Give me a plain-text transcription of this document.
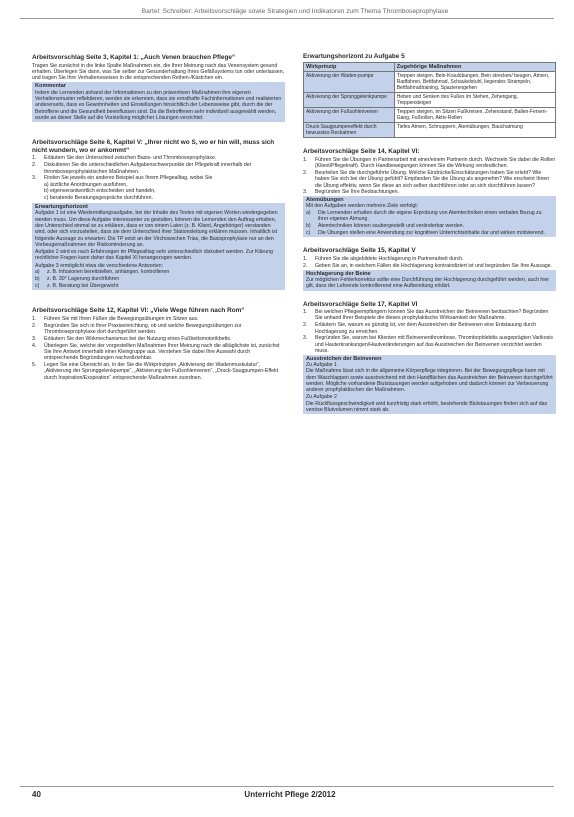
Bartel: Schreiber: Arbeitsvorschläge sowie Strategien und Indikatoren zum Thema Thromboseprophylaxe
Arbeitsvorschlag Seite 3, Kapitel 1: „Auch Venen brauchen Pflege“
Tragen Sie zunächst in die linke Spalte Maßnahmen ein, die Ihrer Meinung nach das Venensystem gesund erhalten. Überlegen Sie dann, was Sie selber zur Gesunderhaltung Ihres Gefäßsystems tun oder unterlassen, und tragen Sie Ihre Verhaltensweisen in die entsprechenden Reihen-/Kästchen ein.
Kommentar
Indem die Lernenden anhand der Informationen zu den präventiven Maßnahmen ihre eigenen Verhaltensmuster reflektieren, werden sie erkennen, dass sie ernsthafte Fachinformationen und realisierten andererseits, dass es Gewohnheiten und Einstellungen hinsichtlich der Lebensweise gibt, durch die der Betroffene und die Gesundheit beeinflussen sind. Da die Betroffenen sehr individuell ausgewählt werden, wurde an dieser Stelle auf die Vorstellung möglicher Lösungen verzichtet.
Arbeitsvorschläge Seite 6, Kapitel V: „Ihrer nicht wo S, wo er hin will, muss sich nicht wundern, wo er ankommt“
1.	Erläutern Sie den Unterschied zwischen Basis- und Thromboseprophylaxe.
2.	Diskutieren Sie die unterschiedlichen Aufgabenschwerpunkte der Pflegekraft innerhalb der thromboseprophylaktischen Maßnahmen.
3.	Finden Sie jeweils ein anderes Beispiel aus Ihrem Pflegealltag, wobei Sie
a) ärztliche Anordnungen ausführen,
b) eigenverantwortlich entscheiden und handeln,
c) beratende Beratungsgespräche durchführen.
Erwartungshorizont
Aufgabe 1 ist eine Wiedermitlungsaufgabe, bei der Inhalte des Textes mit eigenen Worten wiedergegeben werden muss. Um diese Aufgabe interessanter zu gestalten, können die Lernenden den Auftrag erhalten, den Unterschied einmal so zu erklären, dass er von einem Laien (z. B. Klient, Angehöriger) verstanden wird, oder sich vorzustellen, dass sie dem Unterschied ihrer Stationsleitung erklären müssen. Inhaltlich ist folgende Aussage zu erwarten: Die TP setzt an der Virchowschen Trias, die Basisprophylaxe nur an den Vorbeugemaßnahmen der Risikominderung an.
Aufgabe 2 wird es nach Erfahrungen im Pflegealltag sehr unterschiedlich diskutiert werden. Zur Klärung rechtlicher Fragen kann daher das Kapitel XI herangezogen werden.
Aufgabe 3 ermöglicht etwa die verschiedene Antworten:
a)	z. B. Infusionen bereitstellen, anhängen, kontrollieren
b)	z. B. 30° Lagerung durchführen
c)	z. B. Beratung bei Übergewicht
Arbeitsvorschläge Seite 12, Kapitel VI: „Viele Wege führen nach Rom“
1.	Führen Sie mit Ihren Füßen die Bewegungsübungen im Sitzen aus.
2.	Begründen Sie sich in Ihrer Praxiseinrichtung, ob und welche Bewegungsübungen zur Thromboseprophylaxe dort durchgeführt werden.
3.	Erläutern Sie den Wirkmechanismus bei der Nutzung eines Fußbettsmotorikbetts.
4.	Überlegen Sie, welche der vorgestellten Maßnahmen Ihrer Meinung nach die alltäglichste ist, zunächst Sie Ihre Antwort innerhalb einer Kleingruppe aus. Verstehen Sie dabei Ihre Auswahl durch entsprechende Begründungen nachvollziehbar.
5.	Legen Sie eine Übersicht an, in der Sie die Wirkprinzipien „Aktivierung der Wadenmuskulatur“, „Aktivierung der Sprunggelenkpumpe“, „Aktivierung der Fußsohlenvenen“, „Druck-Saugpumpen-Effekt durch Inspiration/Exspiration“ entsprechende Maßnahmen zuordnen.
Erwartungshorizont zu Aufgabe 5
Wirkprinzip	Zugehörige Maßnahmen
Aktivierung der Waden-pumpe	Treppen steigen, Bein-Kraulübungen, Bein strecken/ beugen, Atmen, Radfahren, Bettfahrrad, Schaukelstuhl, liegendes Strampeln, Bettfahrradtraining, Spazierengehen
Aktivierung der Sprunggelenkpumpe	Heben und Senken des Fußes im Stehen, Zehengang, Treppensteigen
Aktivierung der Fußsohlenvenen	Treppen steigen, im Sitzen Fußkreisen, Zehenstand, Ballen-Fersen-Gang, Fußrollen, Aktiv-Rollen
Druck-Saugpumpeneffekt durch bewusstes Reckatmen	Tiefes Atmen, Schnuppern, Atemübungen, Bauchatmung
Arbeitsvorschläge Seite 14, Kapitel VI:
1.	Führen Sie die Übungen in Partnerarbeit mit einer/einem Partnerin durch. Wechseln Sie dabei die Rollen (Klient/Pflegekraft). Durch Handbewegungen können Sie die Wirkung verdeutlichen.
2.	Beurteilen Sie die durchgeführte Übung. Welche Eindrücke/Einschätzungen haben Sie erlebt? Wie haben Sie sich bei der Übung gefühlt? Empfanden Sie die Übung als angenehm? Wie erscheint Ihnen die Übung effektiv, wenn Sie diese an sich selber durchführen oder an sich durchführen lassen?
3.	Begründen Sie Ihre Beobachtungen.
Atemübungen
Mit den Aufgaben werden mehrere Ziele verfolgt:
a)	Die Lernenden erhalten durch die eigene Erprobung von Atemtechniken einen verbalen Bezug zu ihrer eigenen Atmung.
b)	Atemtechniken können saubergestellt und veränderbar werden.
c)	Die Übungen stellen eine Anwendung zur kognitiven Unterrichtsinhalte dar und wirken motivierend.
Arbeitsvorschläge Seite 15, Kapitel V
1.	Führen Sie die abgebildete Hochlagerung in Partnerarbeit durch.
2.	Geben Sie an, in welchem Fällen die Hochlagerung kontraindiziert ist und begründen Sie Ihre Aussage.
Hochlagerung der Beine
Zur möglichen Fehlerkorrektur sollte eine Durchführung der Hochlagerung durchgeführt werden, auch hier gilt, dass der Lehrende kontrollierend eine Aufbereitung erklärt.
Arbeitsvorschläge Seite 17, Kapitel VI
1.	Bei welchen Pflegeempfängern können Sie das Ausstreichen der Beinvenen beobachten? Begründen Sie anhand Ihrer Beispiele die dieses prophylaktische Wirksamkeit der Maßnahme.
2.	Erläutern Sie, warum es günstig ist, vor dem Ausstreichen der Beinvenen eine Entstauung durch Hochlagerung zu erreichen.
3.	Begründen Sie, warum bei Klienten mit Beinvenenthrombose, Thrombophlebitis ausgeprägten Varikosis und Hauterkrankungen/Hautveränderungen auf das Ausstreichen der Beinvenen verzichtet werden muss.
Ausstreichen der Beinvenen
Zu Aufgabe 1
Die Maßnahme lässt sich in die allgemeine Körperpflege integrieren. Bei der Bewegungspflege kann mit dem Waschlappen sowie ausstreichend mit den Handflächen das Ausstreichen der Beinvenen durchgeführt werden. Mögliche vorhandene Blutstauungen werden aufgehoben und dadurch können zur Verbesserung anderer prophylaktischen der Maßnahmen.
Zu Aufgabe 2
Die Rückflussgeschwindigkeit wird kurzfristig stark erhöht, bestehende Blutstauungen finden sich auf das venöse Blutvolumen nimmt stark ab.
40	Unterricht Pflege 2/2012
